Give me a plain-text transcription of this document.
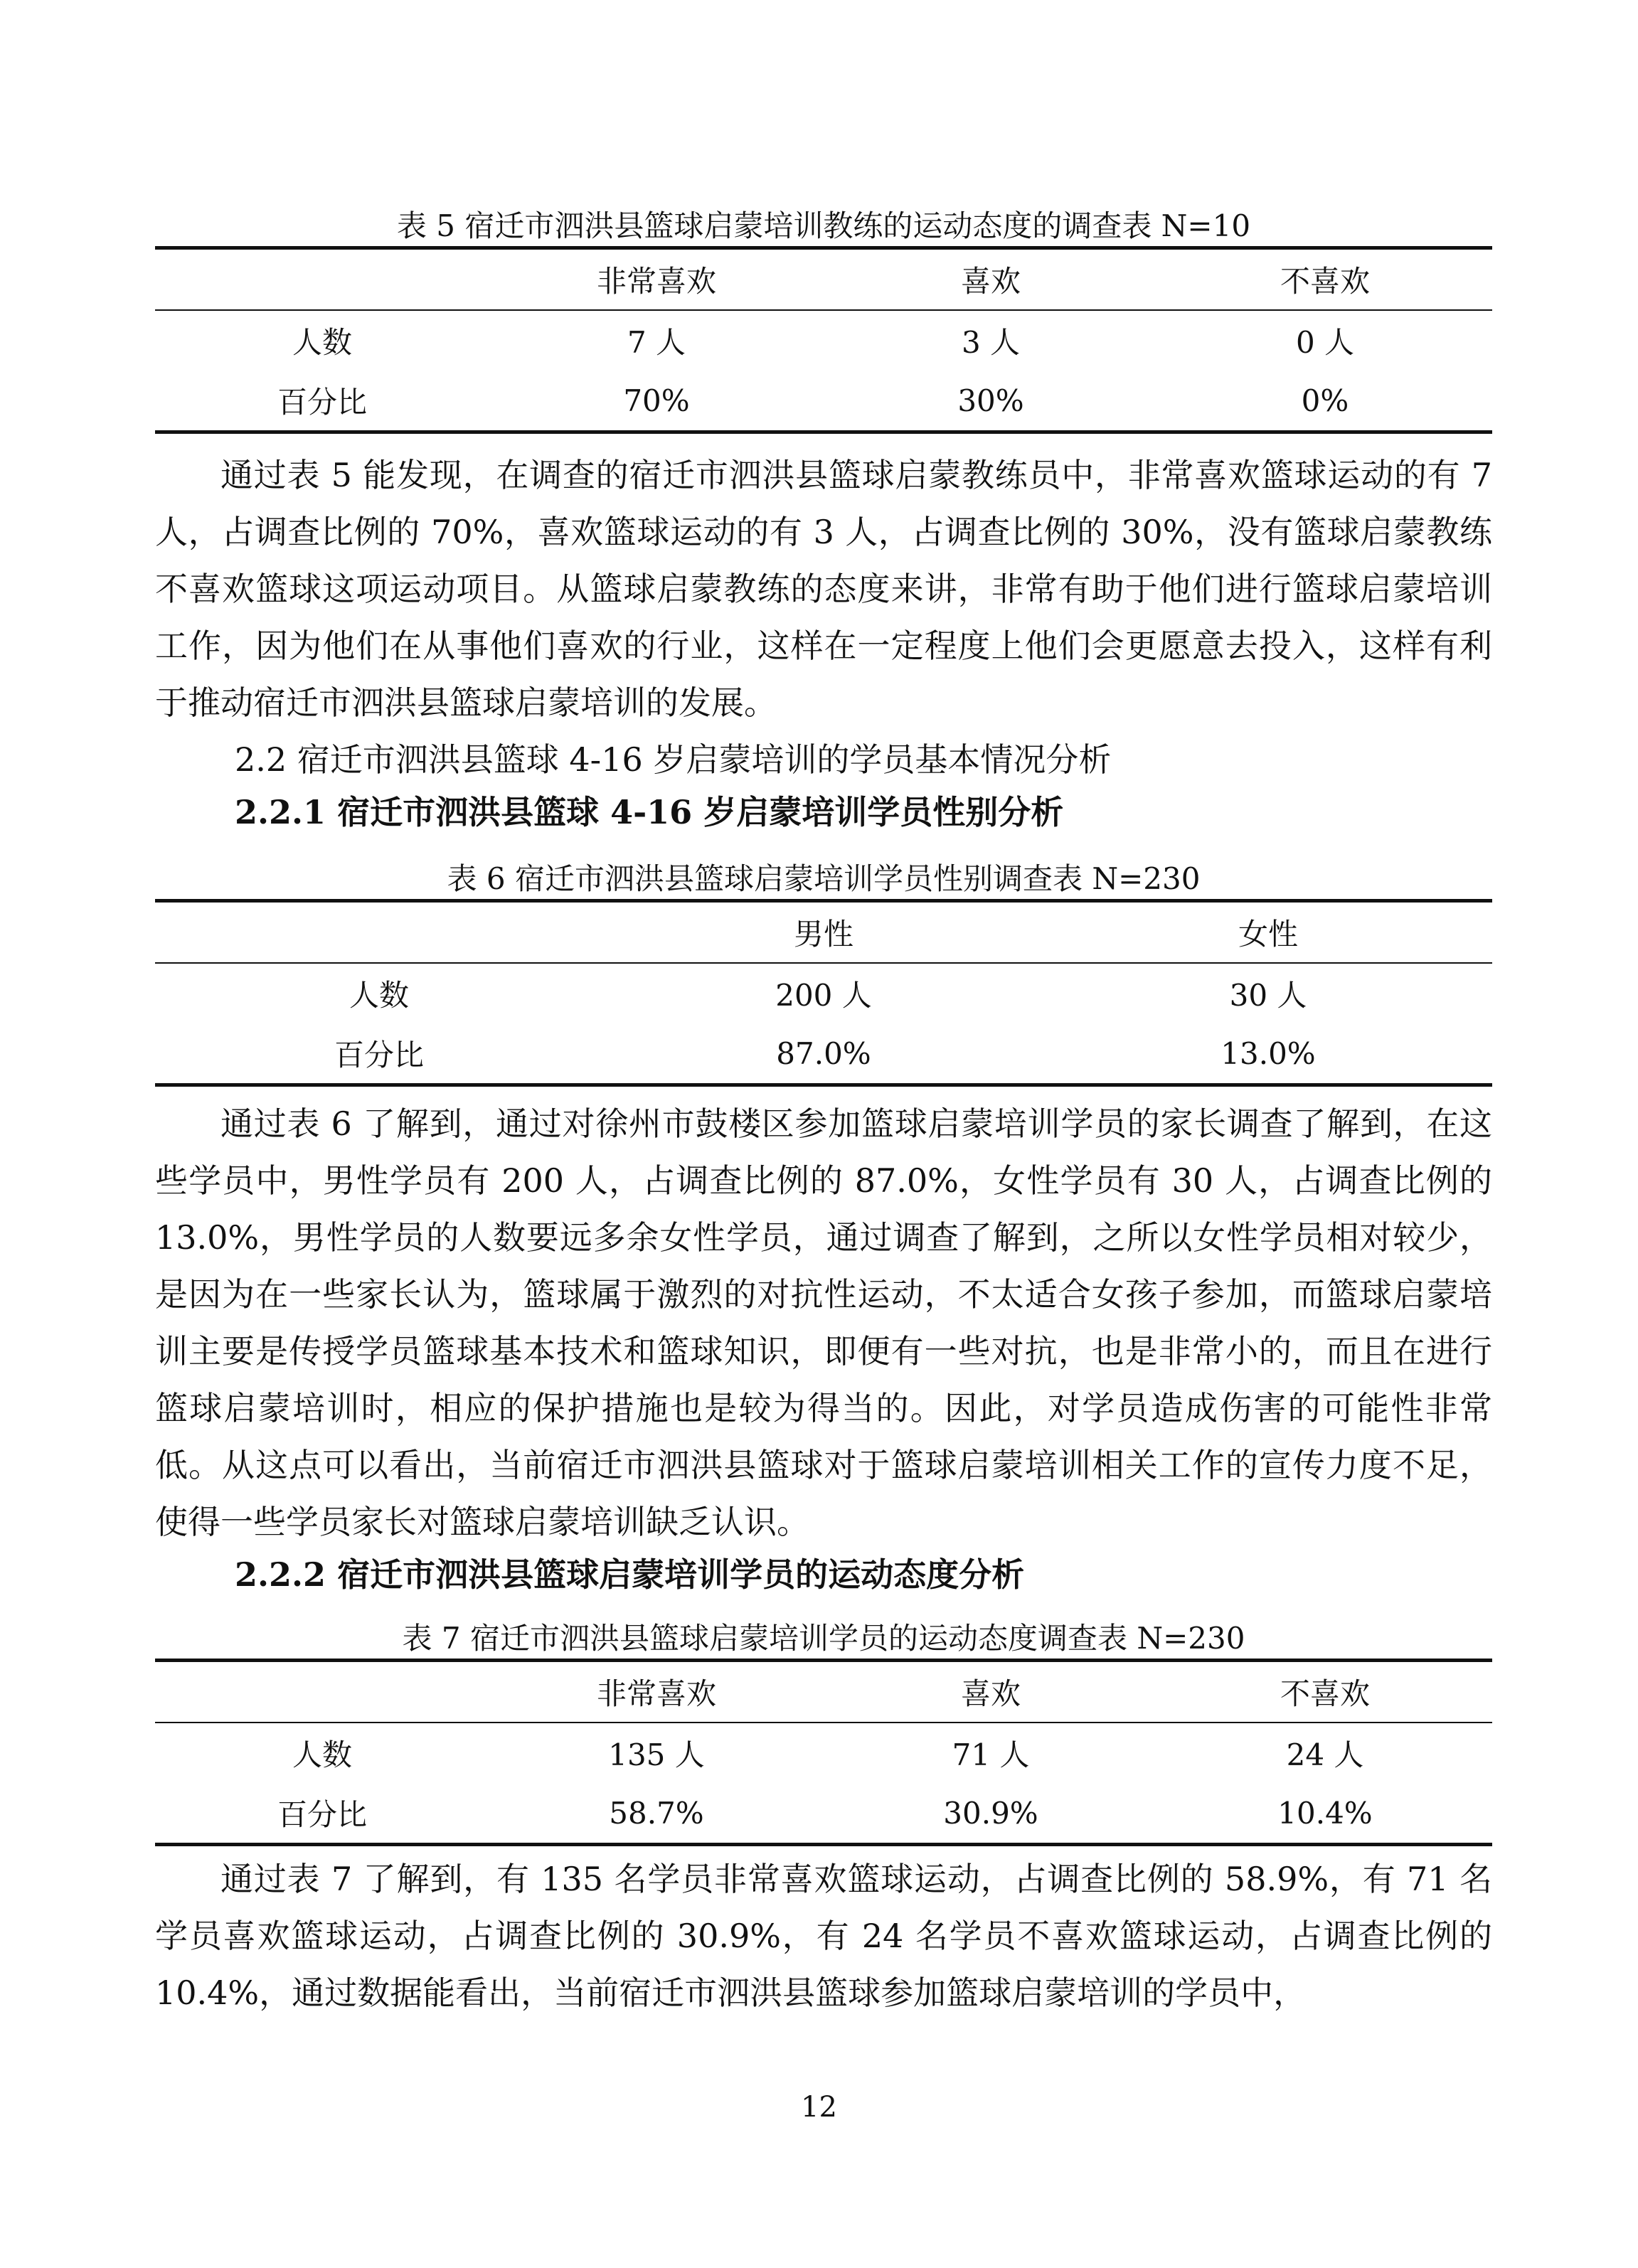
表 5 宿迁市泗洪县篮球启蒙培训教练的运动态度的调查表 N=10
	非常喜欢	喜欢	不喜欢
人数	7 人	3 人	0 人
百分比	70%	30%	0%

通过表 5 能发现，在调查的宿迁市泗洪县篮球启蒙教练员中，非常喜欢篮球运动的有 7 人，占调查比例的 70%，喜欢篮球运动的有 3 人，占调查比例的 30%，没有篮球启蒙教练不喜欢篮球这项运动项目。从篮球启蒙教练的态度来讲，非常有助于他们进行篮球启蒙培训工作，因为他们在从事他们喜欢的行业，这样在一定程度上他们会更愿意去投入，这样有利于推动宿迁市泗洪县篮球启蒙培训的发展。

2.2 宿迁市泗洪县篮球 4-16 岁启蒙培训的学员基本情况分析
2.2.1 宿迁市泗洪县篮球 4-16 岁启蒙培训学员性别分析
表 6 宿迁市泗洪县篮球启蒙培训学员性别调查表 N=230
	男性	女性
人数	200 人	30 人
百分比	87.0%	13.0%

通过表 6 了解到，通过对徐州市鼓楼区参加篮球启蒙培训学员的家长调查了解到，在这些学员中，男性学员有 200 人，占调查比例的 87.0%，女性学员有 30 人，占调查比例的 13.0%，男性学员的人数要远多余女性学员，通过调查了解到，之所以女性学员相对较少，是因为在一些家长认为，篮球属于激烈的对抗性运动，不太适合女孩子参加，而篮球启蒙培训主要是传授学员篮球基本技术和篮球知识，即便有一些对抗，也是非常小的，而且在进行篮球启蒙培训时，相应的保护措施也是较为得当的。因此，对学员造成伤害的可能性非常低。从这点可以看出，当前宿迁市泗洪县篮球对于篮球启蒙培训相关工作的宣传力度不足，使得一些学员家长对篮球启蒙培训缺乏认识。

2.2.2 宿迁市泗洪县篮球启蒙培训学员的运动态度分析
表 7 宿迁市泗洪县篮球启蒙培训学员的运动态度调查表 N=230
	非常喜欢	喜欢	不喜欢
人数	135 人	71 人	24 人
百分比	58.7%	30.9%	10.4%

通过表 7 了解到，有 135 名学员非常喜欢篮球运动，占调查比例的 58.9%，有 71 名学员喜欢篮球运动，占调查比例的 30.9%，有 24 名学员不喜欢篮球运动，占调查比例的 10.4%，通过数据能看出，当前宿迁市泗洪县篮球参加篮球启蒙培训的学员中，

12
